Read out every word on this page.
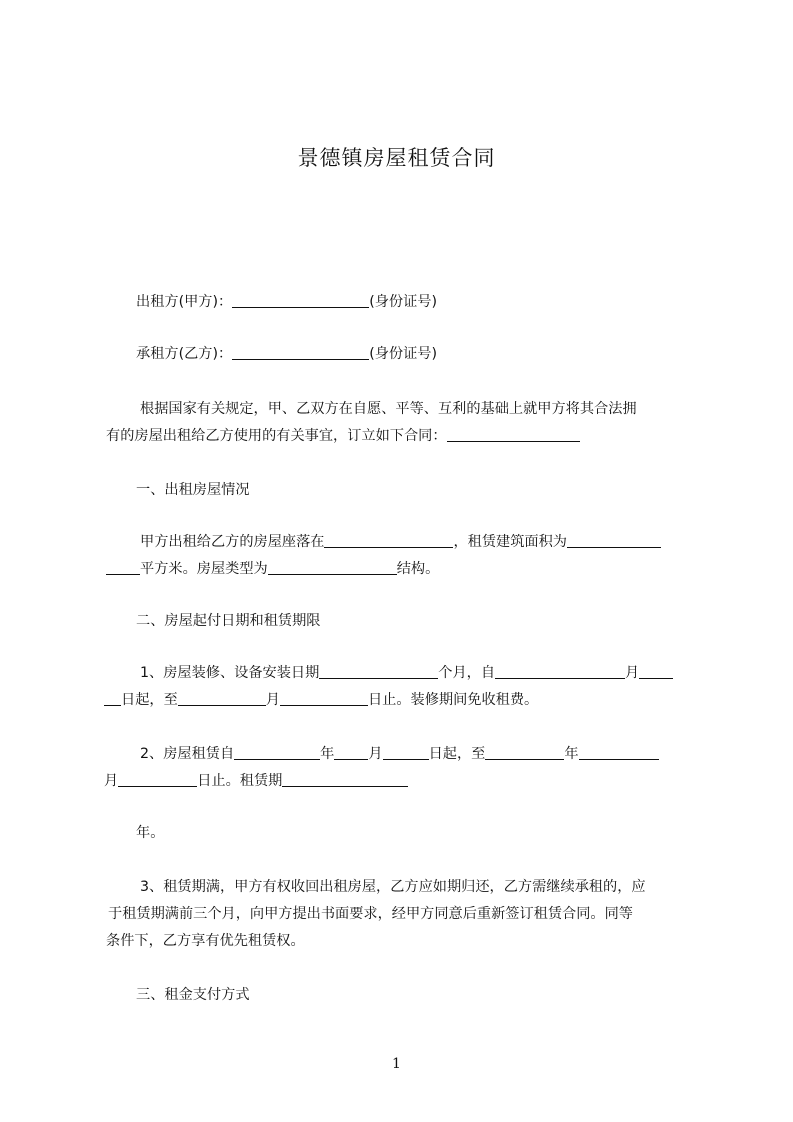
景德镇房屋租赁合同
出租方(甲方)：	(身份证号)
承租方(乙方)：	(身份证号)
根据国家有关规定，甲、乙双方在自愿、平等、互利的基础上就甲方将其合法拥
有的房屋出租给乙方使用的有关事宜，订立如下合同：
一、出租房屋情况
甲方出租给乙方的房屋座落在	，租赁建筑面积为
平方米。房屋类型为	结构。
二、房屋起付日期和租赁期限
1、房屋装修、设备安装日期	个月，自	月
日起，至	月	日止。装修期间免收租费。
2、房屋租赁自	年 月	日起，至	年
月	日止。租赁期
年。
3、租赁期满，甲方有权收回出租房屋，乙方应如期归还，乙方需继续承租的，应
于租赁期满前三个月，向甲方提出书面要求，经甲方同意后重新签订租赁合同。同等
条件下，乙方享有优先租赁权。
三、租金支付方式
1
